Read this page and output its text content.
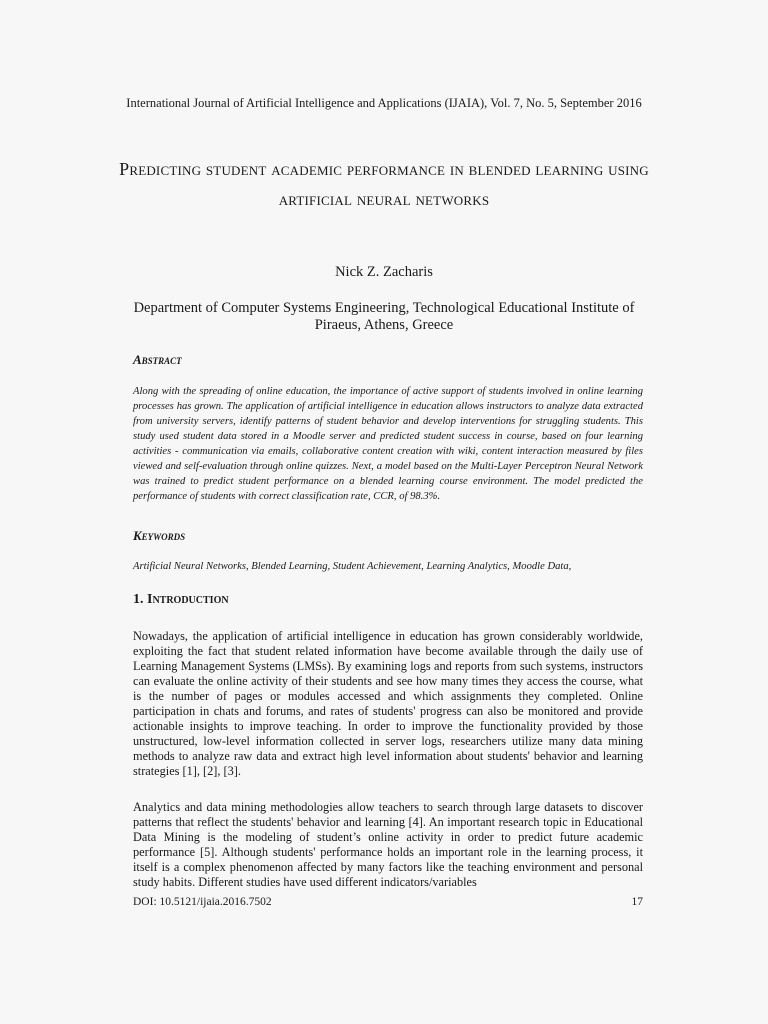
International Journal of Artificial Intelligence and Applications (IJAIA), Vol. 7, No. 5, September 2016
Predicting student academic performance in blended learning using artificial neural networks
Nick Z. Zacharis
Department of Computer Systems Engineering, Technological Educational Institute of Piraeus, Athens, Greece
Abstract
Along with the spreading of online education, the importance of active support of students involved in online learning processes has grown. The application of artificial intelligence in education allows instructors to analyze data extracted from university servers, identify patterns of student behavior and develop interventions for struggling students. This study used student data stored in a Moodle server and predicted student success in course, based on four learning activities - communication via emails, collaborative content creation with wiki, content interaction measured by files viewed and self-evaluation through online quizzes. Next, a model based on the Multi-Layer Perceptron Neural Network was trained to predict student performance on a blended learning course environment. The model predicted the performance of students with correct classification rate, CCR, of 98.3%.
Keywords
Artificial Neural Networks, Blended Learning, Student Achievement, Learning Analytics, Moodle Data,
1. Introduction
Nowadays, the application of artificial intelligence in education has grown considerably worldwide, exploiting the fact that student related information have become available through the daily use of Learning Management Systems (LMSs). By examining logs and reports from such systems, instructors can evaluate the online activity of their students and see how many times they access the course, what is the number of pages or modules accessed and which assignments they completed. Online participation in chats and forums, and rates of students' progress can also be monitored and provide actionable insights to improve teaching. In order to improve the functionality provided by those unstructured, low-level information collected in server logs, researchers utilize many data mining methods to analyze raw data and extract high level information about students' behavior and learning strategies [1], [2], [3].
Analytics and data mining methodologies allow teachers to search through large datasets to discover patterns that reflect the students' behavior and learning [4]. An important research topic in Educational Data Mining is the modeling of student’s online activity in order to predict future academic performance [5]. Although students' performance holds an important role in the learning process, it itself is a complex phenomenon affected by many factors like the teaching environment and personal study habits. Different studies have used different indicators/variables
DOI: 10.5121/ijaia.2016.7502	17
